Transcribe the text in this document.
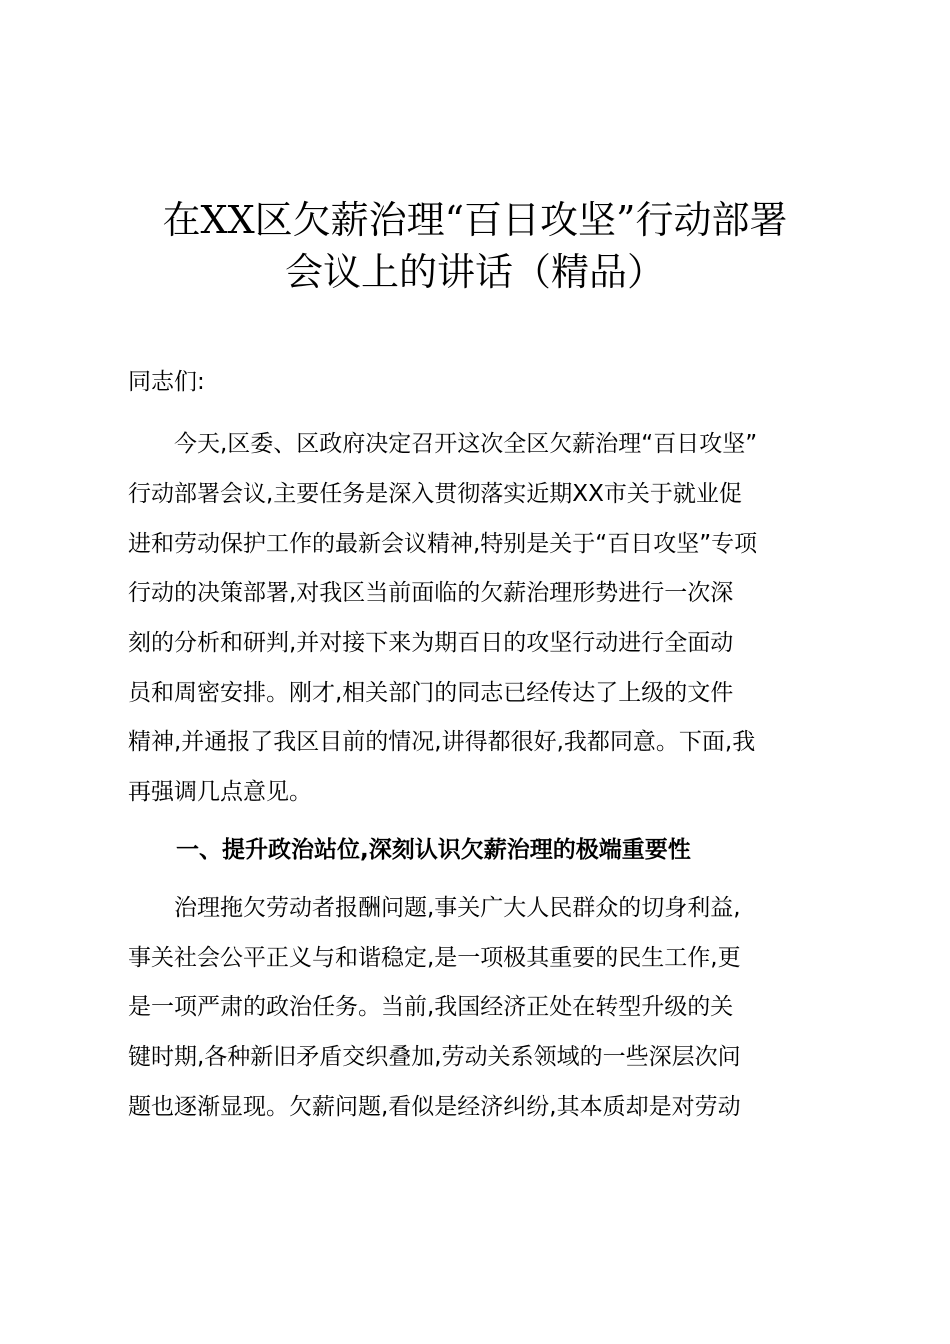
在XX区欠薪治理“百日攻坚”行动部署
会议上的讲话（精品）

同志们:

　　今天,区委、区政府决定召开这次全区欠薪治理“百日攻坚”

行动部署会议,主要任务是深入贯彻落实近期XX市关于就业促

进和劳动保护工作的最新会议精神,特别是关于“百日攻坚”专项

行动的决策部署,对我区当前面临的欠薪治理形势进行一次深

刻的分析和研判,并对接下来为期百日的攻坚行动进行全面动

员和周密安排。刚才,相关部门的同志已经传达了上级的文件

精神,并通报了我区目前的情况,讲得都很好,我都同意。下面,我

再强调几点意见。

一、提升政治站位,深刻认识欠薪治理的极端重要性

　　治理拖欠劳动者报酬问题,事关广大人民群众的切身利益,

事关社会公平正义与和谐稳定,是一项极其重要的民生工作,更

是一项严肃的政治任务。当前,我国经济正处在转型升级的关

键时期,各种新旧矛盾交织叠加,劳动关系领域的一些深层次问

题也逐渐显现。欠薪问题,看似是经济纠纷,其本质却是对劳动
